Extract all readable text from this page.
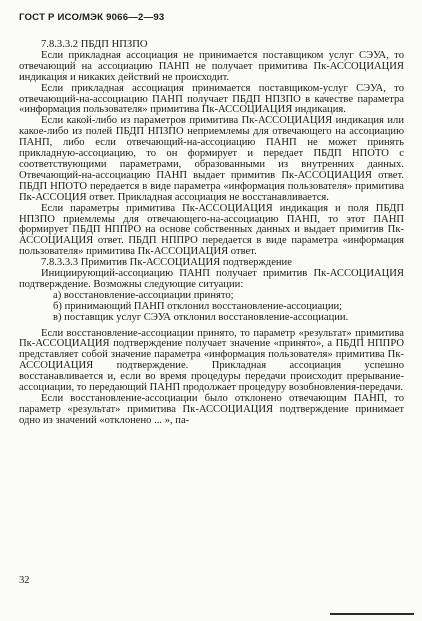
ГОСТ Р ИСО/МЭК 9066—2—93

7.8.3.3.2 ПБДП НПЗПО

Если прикладная ассоциация не принимается поставщиком услуг СЭУА, то отвечающий на ассоциацию ПАНП не получает примитива Пк-АССОЦИАЦИЯ индикация и никаких действий не происходит.

Если прикладная ассоциация принимается поставщиком-услуг СЭУА, то отвечающий-на-ассоциацию ПАНП получает ПБДП НПЗПО в качестве параметра «информация пользователя» примитива Пк-АССОЦИАЦИЯ индикация.

Если какой-либо из параметров примитива Пк-АССОЦИАЦИЯ индикация или какое-либо из полей ПБДП НПЗПО неприемлемы для отвечающего на ассоциацию ПАНП, либо если отвечающий-на-ассоциацию ПАНП не может принять прикладную-ассоциацию, то он формирует и передает ПБДП НПОТО с соответствующими параметрами, образованными из внутренних данных. Отвечающий-на-ассоциацию ПАНП выдает примитив Пк-АССОЦИАЦИЯ ответ. ПБДП НПОТО передается в виде параметра «информация пользователя» примитива Пк-АССОЦИЯ ответ. Прикладная ассоциация не восстанавливается.

Если параметры примитива Пк-АССОЦИАЦИЯ индикация и поля ПБДП НПЗПО приемлемы для отвечающего-на-ассоциацию ПАНП, то этот ПАНП формирует ПБДП НППРО на основе собственных данных и выдает примитив Пк-АССОЦИАЦИЯ ответ. ПБДП НППРО передается в виде параметра «информация пользователя» примитива Пк-АССОЦИАЦИЯ ответ.

7.8.3.3.3 Примитив Пк-АССОЦИАЦИЯ подтверждение

Инициирующий-ассоциацию ПАНП получает примитив Пк-АССОЦИАЦИЯ подтверждение. Возможны следующие ситуации:

а) восстановление-ассоциации принято;

б) принимающий ПАНП отклонил восстановление-ассоциации;

в) поставщик услуг СЭУА отклонил восстановление-ассоциации.

Если восстановление-ассоциации принято, то параметр «результат» примитива Пк-АССОЦИАЦИЯ подтверждение получает значение «принято», а ПБДП НППРО представляет собой значение параметра «информация пользователя» примитива Пк-АССОЦИАЦИЯ подтверждение. Прикладная ассоциация успешно восстанавливается и, если во время процедуры передачи происходит прерывание-ассоциации, то передающий ПАНП продолжает процедуру возобновления-передачи.

Если восстановление-ассоциации было отклонено отвечающим ПАНП, то параметр «результат» примитива Пк-АССОЦИАЦИЯ подтверждение принимает одно из значений «отклонено ... », па-

32
